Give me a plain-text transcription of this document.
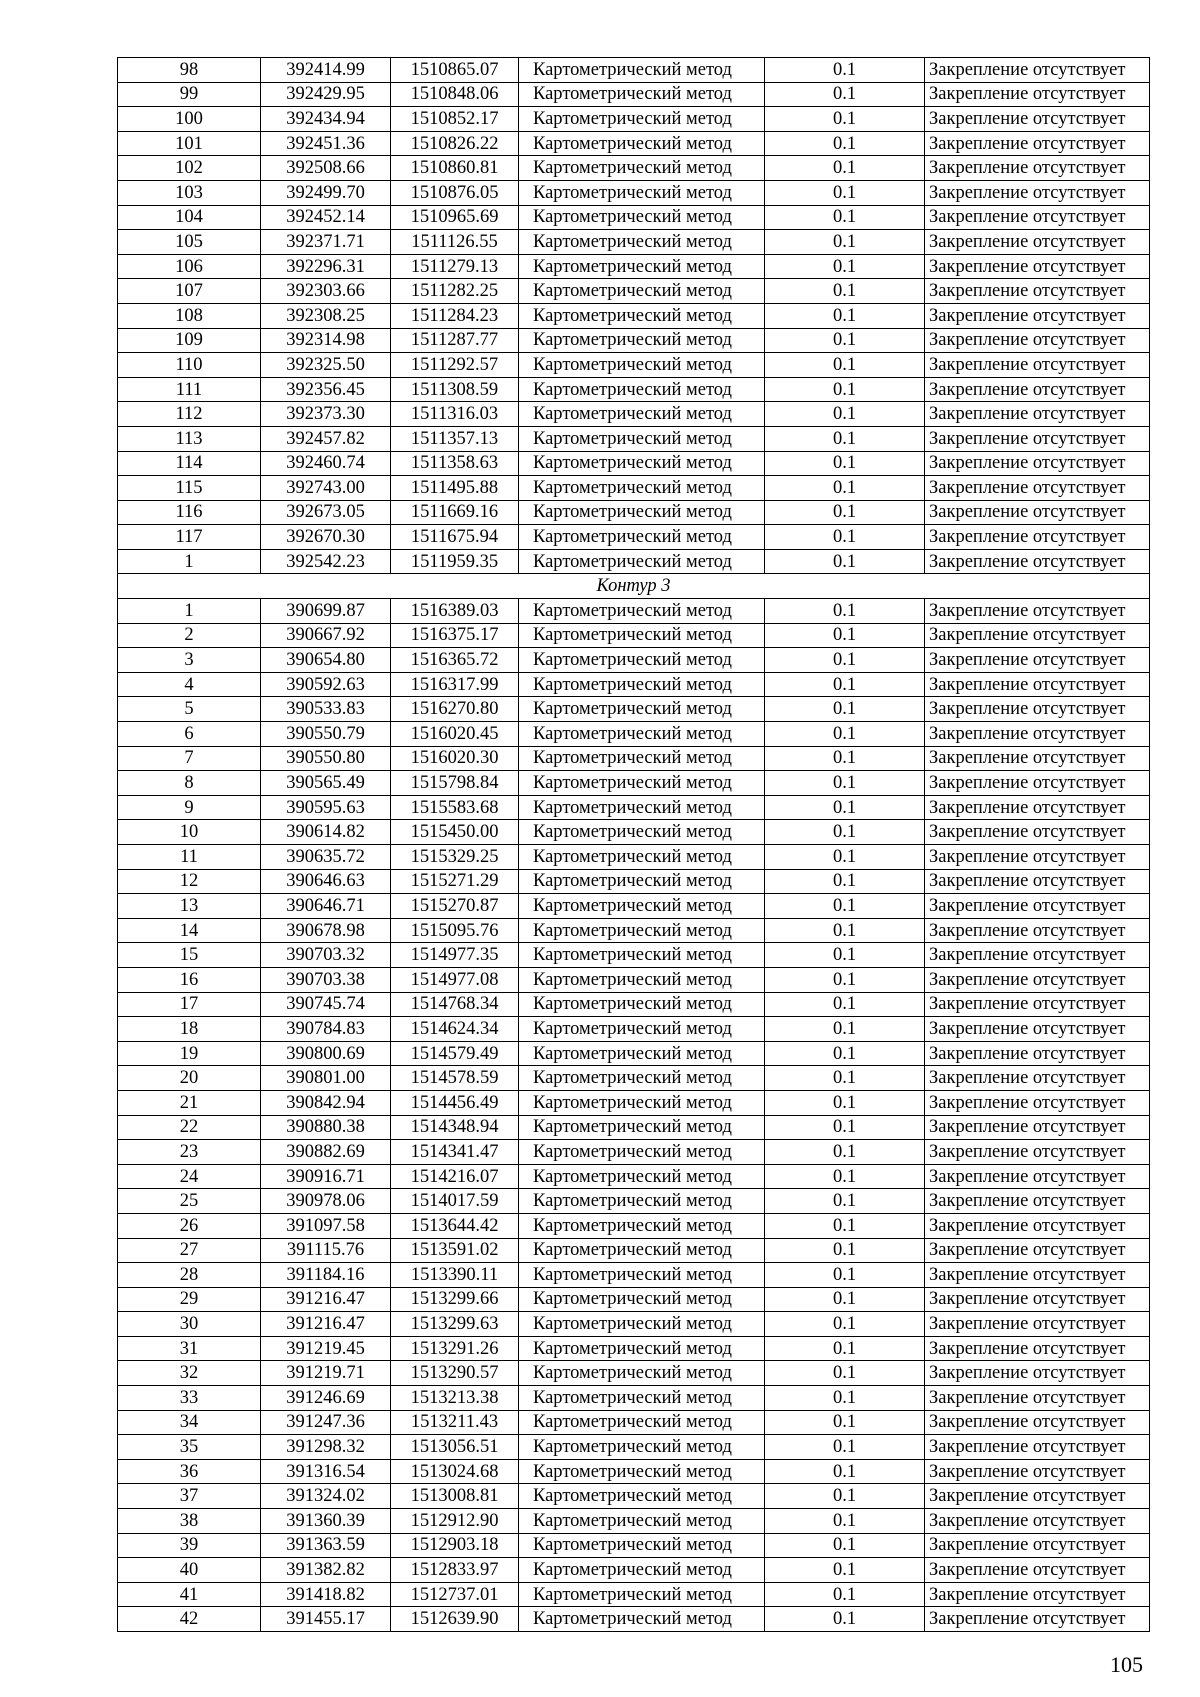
98	392414.99	1510865.07	Картометрический метод	0.1	Закрепление отсутствует
99	392429.95	1510848.06	Картометрический метод	0.1	Закрепление отсутствует
100	392434.94	1510852.17	Картометрический метод	0.1	Закрепление отсутствует
101	392451.36	1510826.22	Картометрический метод	0.1	Закрепление отсутствует
102	392508.66	1510860.81	Картометрический метод	0.1	Закрепление отсутствует
103	392499.70	1510876.05	Картометрический метод	0.1	Закрепление отсутствует
104	392452.14	1510965.69	Картометрический метод	0.1	Закрепление отсутствует
105	392371.71	1511126.55	Картометрический метод	0.1	Закрепление отсутствует
106	392296.31	1511279.13	Картометрический метод	0.1	Закрепление отсутствует
107	392303.66	1511282.25	Картометрический метод	0.1	Закрепление отсутствует
108	392308.25	1511284.23	Картометрический метод	0.1	Закрепление отсутствует
109	392314.98	1511287.77	Картометрический метод	0.1	Закрепление отсутствует
110	392325.50	1511292.57	Картометрический метод	0.1	Закрепление отсутствует
111	392356.45	1511308.59	Картометрический метод	0.1	Закрепление отсутствует
112	392373.30	1511316.03	Картометрический метод	0.1	Закрепление отсутствует
113	392457.82	1511357.13	Картометрический метод	0.1	Закрепление отсутствует
114	392460.74	1511358.63	Картометрический метод	0.1	Закрепление отсутствует
115	392743.00	1511495.88	Картометрический метод	0.1	Закрепление отсутствует
116	392673.05	1511669.16	Картометрический метод	0.1	Закрепление отсутствует
117	392670.30	1511675.94	Картометрический метод	0.1	Закрепление отсутствует
1	392542.23	1511959.35	Картометрический метод	0.1	Закрепление отсутствует
Контур 3					
1	390699.87	1516389.03	Картометрический метод	0.1	Закрепление отсутствует
2	390667.92	1516375.17	Картометрический метод	0.1	Закрепление отсутствует
3	390654.80	1516365.72	Картометрический метод	0.1	Закрепление отсутствует
4	390592.63	1516317.99	Картометрический метод	0.1	Закрепление отсутствует
5	390533.83	1516270.80	Картометрический метод	0.1	Закрепление отсутствует
6	390550.79	1516020.45	Картометрический метод	0.1	Закрепление отсутствует
7	390550.80	1516020.30	Картометрический метод	0.1	Закрепление отсутствует
8	390565.49	1515798.84	Картометрический метод	0.1	Закрепление отсутствует
9	390595.63	1515583.68	Картометрический метод	0.1	Закрепление отсутствует
10	390614.82	1515450.00	Картометрический метод	0.1	Закрепление отсутствует
11	390635.72	1515329.25	Картометрический метод	0.1	Закрепление отсутствует
12	390646.63	1515271.29	Картометрический метод	0.1	Закрепление отсутствует
13	390646.71	1515270.87	Картометрический метод	0.1	Закрепление отсутствует
14	390678.98	1515095.76	Картометрический метод	0.1	Закрепление отсутствует
15	390703.32	1514977.35	Картометрический метод	0.1	Закрепление отсутствует
16	390703.38	1514977.08	Картометрический метод	0.1	Закрепление отсутствует
17	390745.74	1514768.34	Картометрический метод	0.1	Закрепление отсутствует
18	390784.83	1514624.34	Картометрический метод	0.1	Закрепление отсутствует
19	390800.69	1514579.49	Картометрический метод	0.1	Закрепление отсутствует
20	390801.00	1514578.59	Картометрический метод	0.1	Закрепление отсутствует
21	390842.94	1514456.49	Картометрический метод	0.1	Закрепление отсутствует
22	390880.38	1514348.94	Картометрический метод	0.1	Закрепление отсутствует
23	390882.69	1514341.47	Картометрический метод	0.1	Закрепление отсутствует
24	390916.71	1514216.07	Картометрический метод	0.1	Закрепление отсутствует
25	390978.06	1514017.59	Картометрический метод	0.1	Закрепление отсутствует
26	391097.58	1513644.42	Картометрический метод	0.1	Закрепление отсутствует
27	391115.76	1513591.02	Картометрический метод	0.1	Закрепление отсутствует
28	391184.16	1513390.11	Картометрический метод	0.1	Закрепление отсутствует
29	391216.47	1513299.66	Картометрический метод	0.1	Закрепление отсутствует
30	391216.47	1513299.63	Картометрический метод	0.1	Закрепление отсутствует
31	391219.45	1513291.26	Картометрический метод	0.1	Закрепление отсутствует
32	391219.71	1513290.57	Картометрический метод	0.1	Закрепление отсутствует
33	391246.69	1513213.38	Картометрический метод	0.1	Закрепление отсутствует
34	391247.36	1513211.43	Картометрический метод	0.1	Закрепление отсутствует
35	391298.32	1513056.51	Картометрический метод	0.1	Закрепление отсутствует
36	391316.54	1513024.68	Картометрический метод	0.1	Закрепление отсутствует
37	391324.02	1513008.81	Картометрический метод	0.1	Закрепление отсутствует
38	391360.39	1512912.90	Картометрический метод	0.1	Закрепление отсутствует
39	391363.59	1512903.18	Картометрический метод	0.1	Закрепление отсутствует
40	391382.82	1512833.97	Картометрический метод	0.1	Закрепление отсутствует
41	391418.82	1512737.01	Картометрический метод	0.1	Закрепление отсутствует
42	391455.17	1512639.90	Картометрический метод	0.1	Закрепление отсутствует
105
